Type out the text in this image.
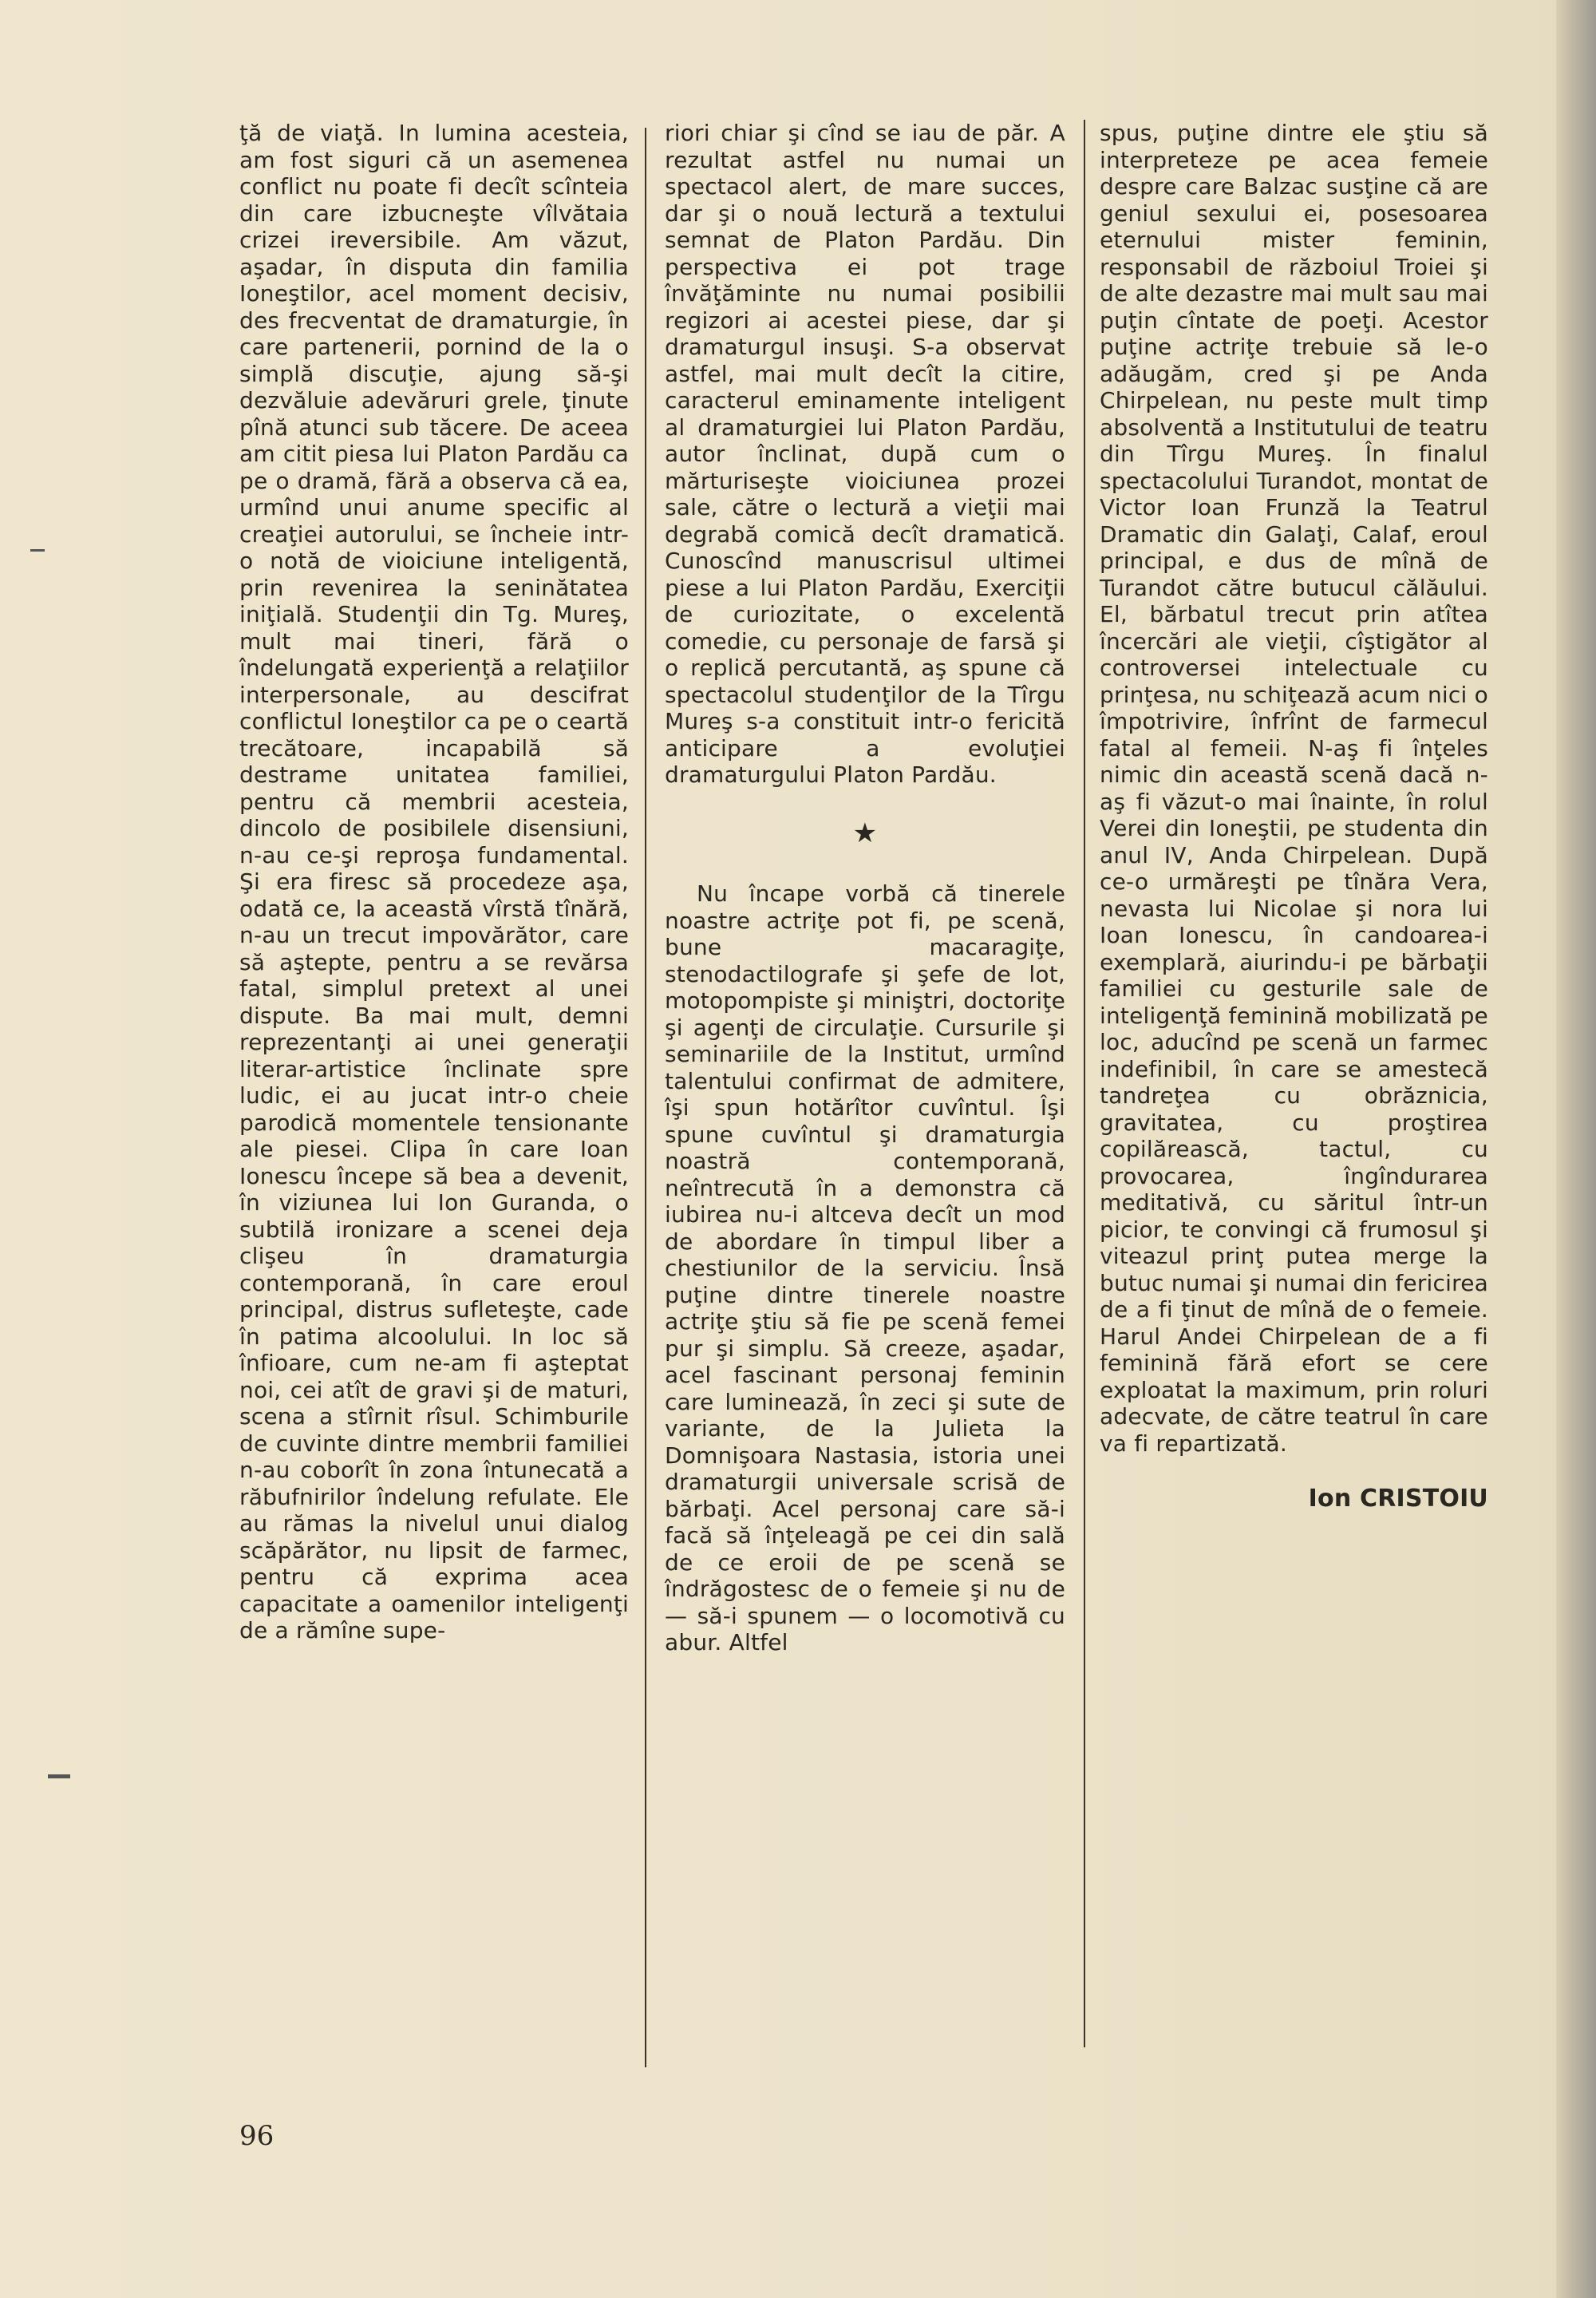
ţă de viaţă. In lumina acesteia, am fost siguri că un asemenea conflict nu poate fi decît scînteia din care izbucneşte vîlvătaia crizei ireversibile. Am văzut, aşadar, în disputa din familia Ioneştilor, acel moment decisiv, des frecventat de dramaturgie, în care partenerii, pornind de la o simplă discuţie, ajung să-şi dezvăluie adevăruri grele, ţinute pînă atunci sub tăcere. De aceea am citit piesa lui Platon Pardău ca pe o dramă, fără a observa că ea, urmînd unui anume specific al creaţiei autorului, se încheie intr-o notă de vioiciune inteligentă, prin revenirea la seninătatea iniţială. Studenţii din Tg. Mureş, mult mai tineri, fără o îndelungată experienţă a relaţiilor interpersonale, au descifrat conflictul Ioneştilor ca pe o ceartă trecătoare, incapabilă să destrame unitatea familiei, pentru că membrii acesteia, dincolo de posibilele disensiuni, n-au ce-şi reproşa fundamental. Şi era firesc să procedeze aşa, odată ce, la această vîrstă tînără, n-au un trecut impovărător, care să aştepte, pentru a se revărsa fatal, simplul pretext al unei dispute. Ba mai mult, demni reprezentanţi ai unei generaţii literar-artistice înclinate spre ludic, ei au jucat intr-o cheie parodică momentele tensionante ale piesei. Clipa în care Ioan Ionescu începe să bea a devenit, în viziunea lui Ion Guranda, o subtilă ironizare a scenei deja clişeu în dramaturgia contemporană, în care eroul principal, distrus sufleteşte, cade în patima alcoolului. In loc să înfioare, cum ne-am fi aşteptat noi, cei atît de gravi şi de maturi, scena a stîrnit rîsul. Schimburile de cuvinte dintre membrii familiei n-au coborît în zona întunecată a răbufnirilor îndelung refulate. Ele au rămas la nivelul unui dialog scăpărător, nu lipsit de farmec, pentru că exprima acea capacitate a oamenilor inteligenţi de a rămîne supe-

riori chiar şi cînd se iau de păr. A rezultat astfel nu numai un spectacol alert, de mare succes, dar şi o nouă lectură a textului semnat de Platon Pardău. Din perspectiva ei pot trage învăţăminte nu numai posibilii regizori ai acestei piese, dar şi dramaturgul insuşi. S-a observat astfel, mai mult decît la citire, caracterul eminamente inteligent al dramaturgiei lui Platon Pardău, autor înclinat, după cum o mărturiseşte vioiciunea prozei sale, către o lectură a vieţii mai degrabă comică decît dramatică. Cunoscînd manuscrisul ultimei piese a lui Platon Pardău, Exerciţii de curiozitate, o excelentă comedie, cu personaje de farsă şi o replică percutantă, aş spune că spectacolul studenţilor de la Tîrgu Mureş s-a constituit intr-o fericită anticipare a evoluţiei dramaturgului Platon Pardău.

★

Nu încape vorbă că tinerele noastre actriţe pot fi, pe scenă, bune macaragiţe, stenodactilografe şi şefe de lot, motopompiste şi miniştri, doctoriţe şi agenţi de circulaţie. Cursurile şi seminariile de la Institut, urmînd talentului confirmat de admitere, îşi spun hotărîtor cuvîntul. Îşi spune cuvîntul şi dramaturgia noastră contemporană, neîntrecută în a demonstra că iubirea nu-i altceva decît un mod de abordare în timpul liber a chestiunilor de la serviciu. Însă puţine dintre tinerele noastre actriţe ştiu să fie pe scenă femei pur şi simplu. Să creeze, aşadar, acel fascinant personaj feminin care luminează, în zeci şi sute de variante, de la Julieta la Domnişoara Nastasia, istoria unei dramaturgii universale scrisă de bărbaţi. Acel personaj care să-i facă să înţeleagă pe cei din sală de ce eroii de pe scenă se îndrăgostesc de o femeie şi nu de — să-i spunem — o locomotivă cu abur. Altfel

spus, puţine dintre ele ştiu să interpreteze pe acea femeie despre care Balzac susţine că are geniul sexului ei, posesoarea eternului mister feminin, responsabil de războiul Troiei şi de alte dezastre mai mult sau mai puţin cîntate de poeţi. Acestor puţine actriţe trebuie să le-o adăugăm, cred şi pe Anda Chirpelean, nu peste mult timp absolventă a Institutului de teatru din Tîrgu Mureş. În finalul spectacolului Turandot, montat de Victor Ioan Frunză la Teatrul Dramatic din Galaţi, Calaf, eroul principal, e dus de mînă de Turandot către butucul călăului. El, bărbatul trecut prin atîtea încercări ale vieţii, cîştigător al controversei intelectuale cu prinţesa, nu schiţează acum nici o împotrivire, înfrînt de farmecul fatal al femeii. N-aş fi înţeles nimic din această scenă dacă n-aş fi văzut-o mai înainte, în rolul Verei din Ioneştii, pe studenta din anul IV, Anda Chirpelean. După ce-o urmăreşti pe tînăra Vera, nevasta lui Nicolae şi nora lui Ioan Ionescu, în candoarea-i exemplară, aiurindu-i pe bărbaţii familiei cu gesturile sale de inteligenţă feminină mobilizată pe loc, aducînd pe scenă un farmec indefinibil, în care se amestecă tandreţea cu obrăznicia, gravitatea, cu proştirea copilărească, tactul, cu provocarea, îngîndurarea meditativă, cu săritul într-un picior, te convingi că frumosul şi viteazul prinţ putea merge la butuc numai şi numai din fericirea de a fi ţinut de mînă de o femeie. Harul Andei Chirpelean de a fi feminină fără efort se cere exploatat la maximum, prin roluri adecvate, de către teatrul în care va fi repartizată.

Ion CRISTOIU
96
